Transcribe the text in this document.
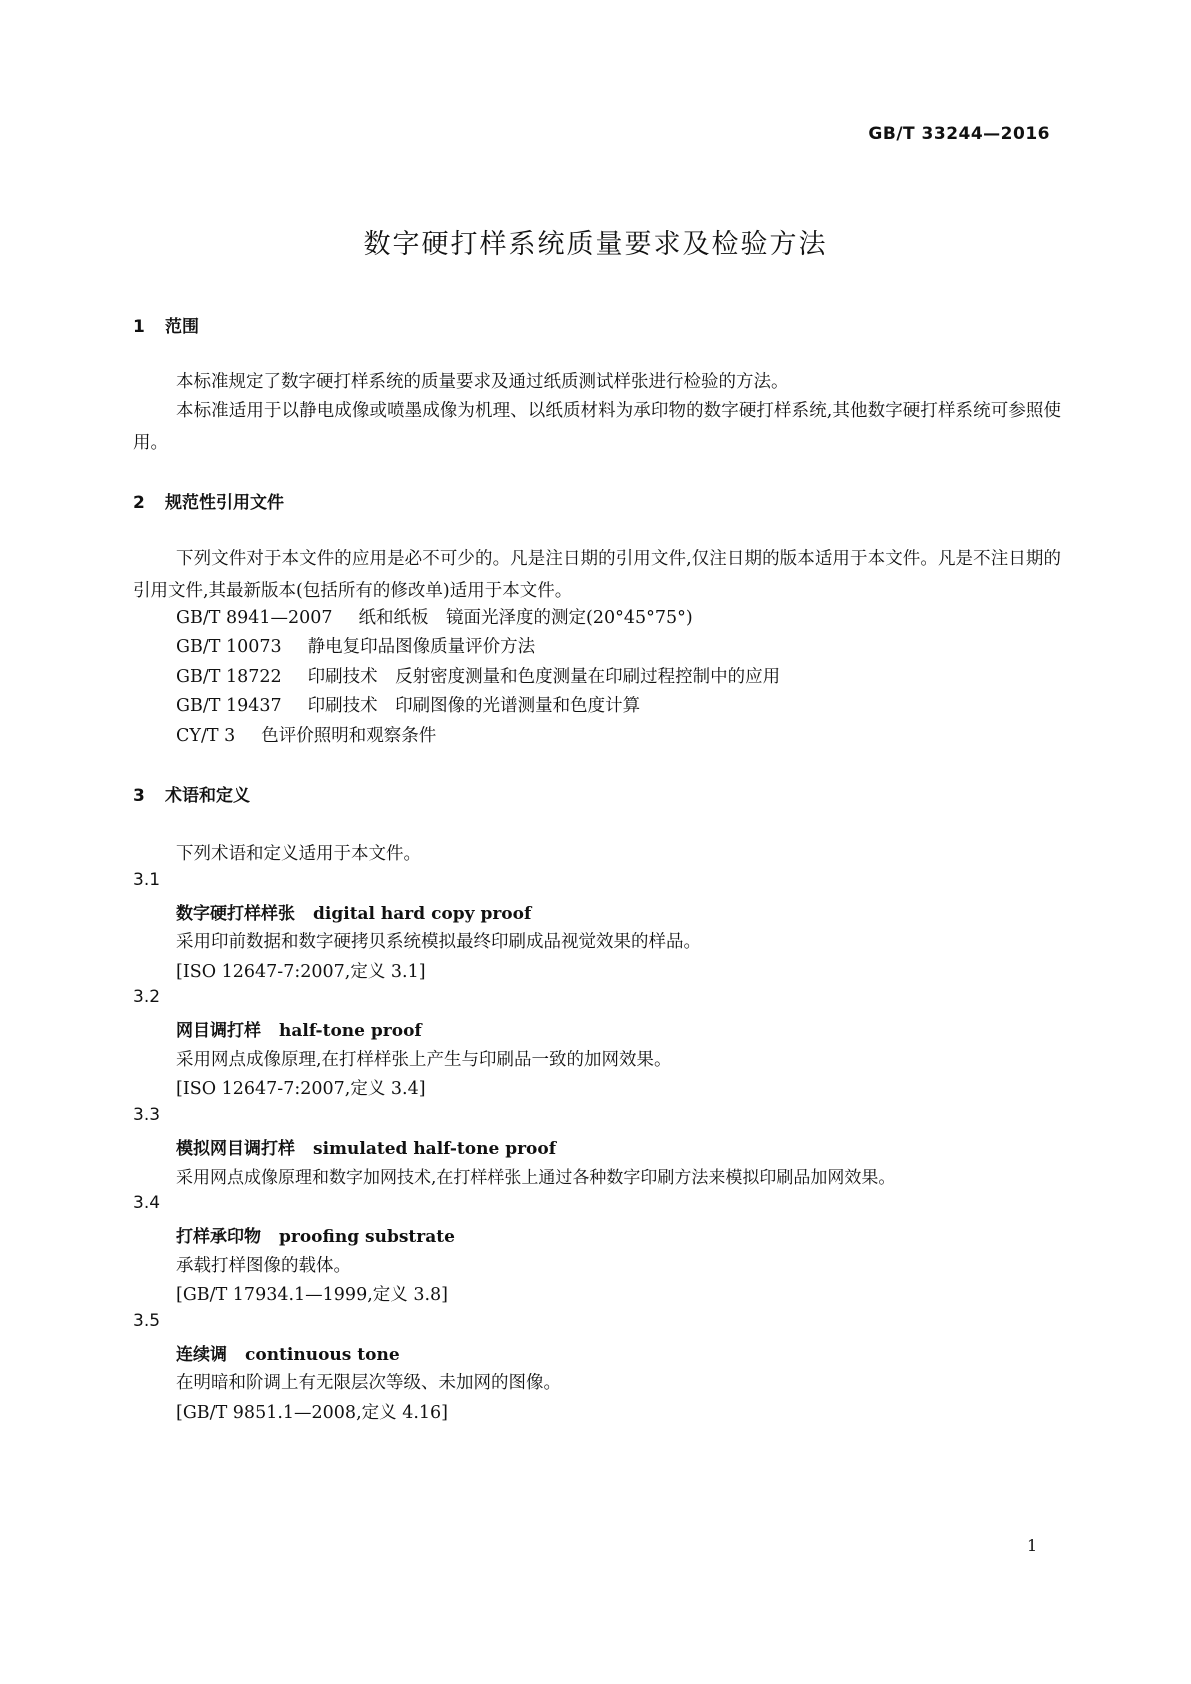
GB/T 33244—2016
数字硬打样系统质量要求及检验方法
1 范围

本标准规定了数字硬打样系统的质量要求及通过纸质测试样张进行检验的方法。

本标准适用于以静电成像或喷墨成像为机理、以纸质材料为承印物的数字硬打样系统,其他数字硬打样系统可参照使用。

2 规范性引用文件

下列文件对于本文件的应用是必不可少的。凡是注日期的引用文件,仅注日期的版本适用于本文件。凡是不注日期的引用文件,其最新版本(包括所有的修改单)适用于本文件。

GB/T 8941—2007 纸和纸板　镜面光泽度的测定(20°45°75°)
GB/T 10073 静电复印品图像质量评价方法
GB/T 18722 印刷技术　反射密度测量和色度测量在印刷过程控制中的应用
GB/T 19437 印刷技术　印刷图像的光谱测量和色度计算
CY/T 3 色评价照明和观察条件
3 术语和定义
下列术语和定义适用于本文件。
3.1
数字硬打样样张 digital hard copy proof
采用印前数据和数字硬拷贝系统模拟最终印刷成品视觉效果的样品。
[ISO 12647-7:2007,定义 3.1]
3.2
网目调打样 half-tone proof
采用网点成像原理,在打样样张上产生与印刷品一致的加网效果。
[ISO 12647-7:2007,定义 3.4]
3.3
模拟网目调打样 simulated half-tone proof
采用网点成像原理和数字加网技术,在打样样张上通过各种数字印刷方法来模拟印刷品加网效果。
3.4
打样承印物 proofing substrate
承载打样图像的载体。
[GB/T 17934.1—1999,定义 3.8]
3.5
连续调 continuous tone
在明暗和阶调上有无限层次等级、未加网的图像。
[GB/T 9851.1—2008,定义 4.16]
1
